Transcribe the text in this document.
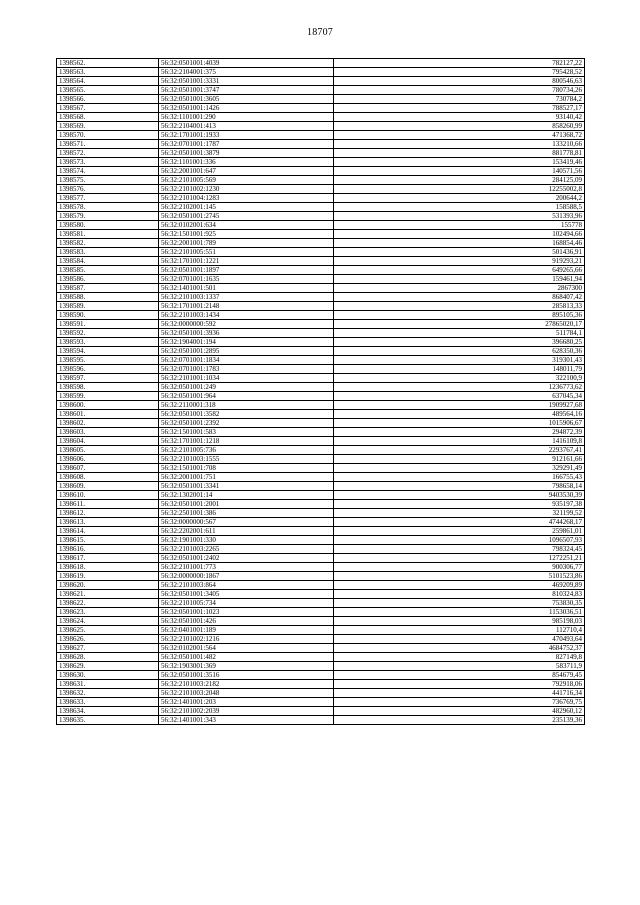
18707
1398562.	56:32:0501001:4039	782127,22
1398563.	56:32:2104001:375	795428,52
1398564.	56:32:0501001:3331	800546,63
1398565.	56:32:0501001:3747	780734,26
1398566.	56:32:0501001:3605	730784,2
1398567.	56:32:0501001:1426	788527,17
1398568.	56:32:1101001:290	93140,42
1398569.	56:32:2104001:413	858260,99
1398570.	56:32:1701001:1933	471368,72
1398571.	56:32:0701001:1787	133210,66
1398572.	56:32:0501001:3879	881778,81
1398573.	56:32:1101001:336	153419,46
1398574.	56:32:2001001:647	140571,56
1398575.	56:32:2101005:569	284125,09
1398576.	56:32:2101002:1230	12255002,8
1398577.	56:32:2101004:1283	200644,2
1398578.	56:32:2102001:145	158588,5
1398579.	56:32:0501001:2745	531393,96
1398580.	56:32:0102001:634	155778
1398581.	56:32:1501001:925	102494,66
1398582.	56:32:2001001:789	168854,46
1398583.	56:32:2101005:551	501436,91
1398584.	56:32:1701001:1221	919293,21
1398585.	56:32:0501001:1897	649265,66
1398586.	56:32:0701001:1635	159461,94
1398587.	56:32:1401001:501	2867300
1398588.	56:32:2101003:1337	868407,42
1398589.	56:32:1701001:2148	285813,33
1398590.	56:32:2101003:1434	895105,36
1398591.	56:32:0000000:592	27865020,17
1398592.	56:32:0501001:3936	511784,1
1398593.	56:32:1904001:194	396680,25
1398594.	56:32:0501001:2895	628350,36
1398595.	56:32:0701001:1834	319301,43
1398596.	56:32:0701001:1783	148011,79
1398597.	56:32:2101001:1034	322100,9
1398598.	56:32:0501001:249	1236773,62
1398599.	56:32:0501001:964	637045,34
1398600.	56:32:2110001:318	1909927,68
1398601.	56:32:0501001:3582	489564,16
1398602.	56:32:0501001:2392	1015906,67
1398603.	56:32:1501001:583	294872,39
1398604.	56:32:1701001:1218	1416109,8
1398605.	56:32:2101005:736	2293767,41
1398606.	56:32:2101003:1555	912161,66
1398607.	56:32:1501001:708	329291,49
1398608.	56:32:2001001:751	166755,43
1398609.	56:32:0501001:3341	798658,14
1398610.	56:32:1302001:14	9403530,39
1398611.	56:32:0501001:2001	935197,38
1398612.	56:32:2501001:386	321199,52
1398613.	56:32:0000000:567	4744268,17
1398614.	56:32:2202001:611	259861,01
1398615.	56:32:1901001:330	1096507,93
1398616.	56:32:2101003:2265	798324,45
1398617.	56:32:0501001:2402	1272251,21
1398618.	56:32:2101001:773	900306,77
1398619.	56:32:0000000:1867	5101523,86
1398620.	56:32:2101003:864	469209,89
1398621.	56:32:0501001:3405	810324,83
1398622.	56:32:2101005:734	753830,35
1398623.	56:32:0501001:1023	1153036,51
1398624.	56:32:0501001:426	985198,03
1398625.	56:32:0401001:189	112710,4
1398626.	56:32:2101002:1216	470493,64
1398627.	56:32:0102001:564	4684752,37
1398628.	56:32:0501001:482	827149,8
1398629.	56:32:1903001:369	583711,9
1398630.	56:32:0501001:3516	854679,45
1398631.	56:32:2101003:2182	792918,06
1398632.	56:32:2101003:2048	441716,34
1398633.	56:32:1401001:203	736769,75
1398634.	56:32:2101002:2039	482960,12
1398635.	56:32:1401001:343	235139,36
